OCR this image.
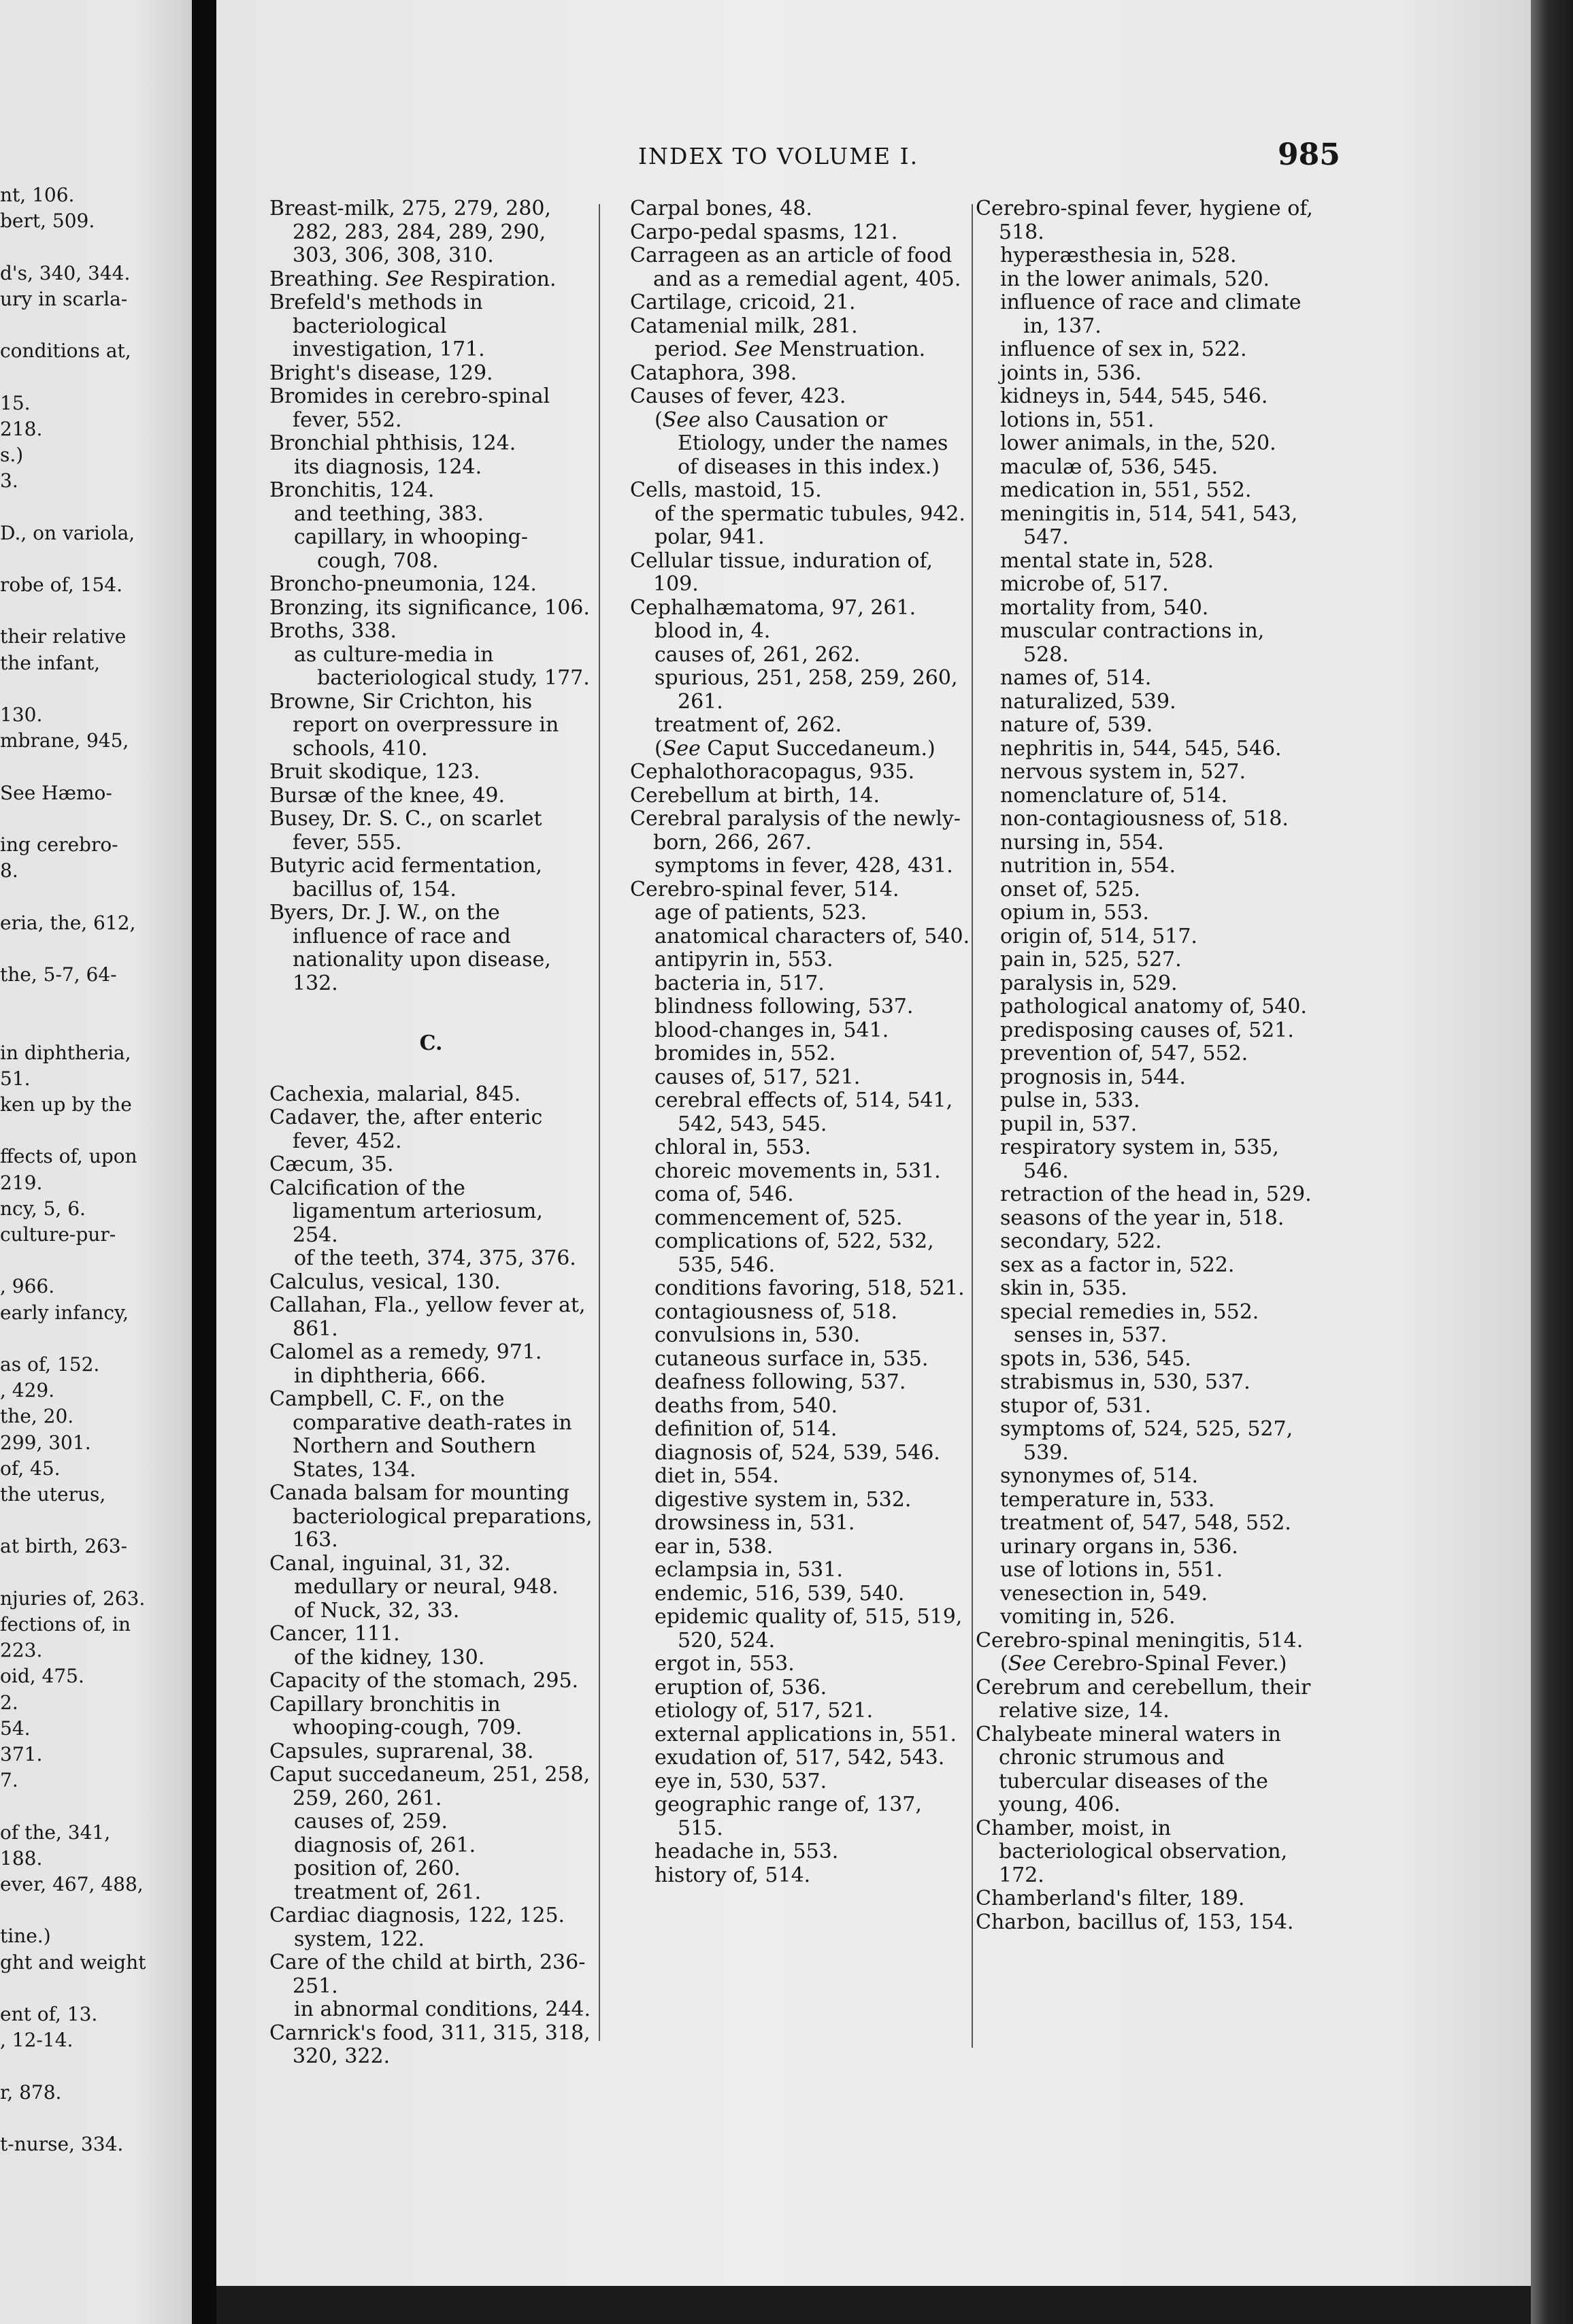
nt, 106.
bert, 509.
d's, 340, 344.
ury in scarla-
conditions at,
15.
218.
s.)
3.
D., on variola,
robe of, 154.
their relative
the infant,
130.
mbrane, 945,
See Hæmo-
ing cerebro-
8.
eria, the, 612,
the, 5-7, 64-
in diphtheria,
51.
ken up by the
ffects of, upon
219.
ncy, 5, 6.
culture-pur-
, 966.
early infancy,
as of, 152.
, 429.
the, 20.
299, 301.
of, 45.
the uterus,
at birth, 263-
njuries of, 263.
fections of, in
223.
oid, 475.
2.
54.
371.
7.
of the, 341,
188.
ever, 467, 488,
tine.)
ght and weight
ent of, 13.
, 12-14.
r, 878.
t-nurse, 334.
INDEX TO VOLUME I.	985

Breast-milk, 275, 279, 280, 282, 283, 284, 289, 290, 303, 306, 308, 310.

Breathing. See Respiration.

Brefeld's methods in bacteriological investigation, 171.

Bright's disease, 129.

Bromides in cerebro-spinal fever, 552.

Bronchial phthisis, 124.

its diagnosis, 124.

Bronchitis, 124.

and teething, 383.

capillary, in whooping-cough, 708.

Broncho-pneumonia, 124.

Bronzing, its significance, 106.

Broths, 338.

as culture-media in bacteriological study, 177.

Browne, Sir Crichton, his report on overpressure in schools, 410.

Bruit skodique, 123.

Bursæ of the knee, 49.

Busey, Dr. S. C., on scarlet fever, 555.

Butyric acid fermentation, bacillus of, 154.

Byers, Dr. J. W., on the influence of race and nationality upon disease, 132.

C.

Cachexia, malarial, 845.

Cadaver, the, after enteric fever, 452.

Cæcum, 35.

Calcification of the ligamentum arteriosum, 254.

of the teeth, 374, 375, 376.

Calculus, vesical, 130.

Callahan, Fla., yellow fever at, 861.

Calomel as a remedy, 971.

in diphtheria, 666.

Campbell, C. F., on the comparative death-rates in Northern and Southern States, 134.

Canada balsam for mounting bacteriological preparations, 163.

Canal, inguinal, 31, 32.

medullary or neural, 948.

of Nuck, 32, 33.

Cancer, 111.

of the kidney, 130.

Capacity of the stomach, 295.

Capillary bronchitis in whooping-cough, 709.

Capsules, suprarenal, 38.

Caput succedaneum, 251, 258, 259, 260, 261.

causes of, 259.

diagnosis of, 261.

position of, 260.

treatment of, 261.

Cardiac diagnosis, 122, 125.

system, 122.

Care of the child at birth, 236-251.

in abnormal conditions, 244.

Carnrick's food, 311, 315, 318, 320, 322.

Carpal bones, 48.

Carpo-pedal spasms, 121.

Carrageen as an article of food and as a remedial agent, 405.

Cartilage, cricoid, 21.

Catamenial milk, 281.

period. See Menstruation.

Cataphora, 398.

Causes of fever, 423.

(See also Causation or Etiology, under the names of diseases in this index.)

Cells, mastoid, 15.

of the spermatic tubules, 942.

polar, 941.

Cellular tissue, induration of, 109.

Cephalhæmatoma, 97, 261.

blood in, 4.

causes of, 261, 262.

spurious, 251, 258, 259, 260, 261.

treatment of, 262.

(See Caput Succedaneum.)

Cephalothoracopagus, 935.

Cerebellum at birth, 14.

Cerebral paralysis of the newly-born, 266, 267.

symptoms in fever, 428, 431.

Cerebro-spinal fever, 514.

age of patients, 523.

anatomical characters of, 540.

antipyrin in, 553.

bacteria in, 517.

blindness following, 537.

blood-changes in, 541.

bromides in, 552.

causes of, 517, 521.

cerebral effects of, 514, 541, 542, 543, 545.

chloral in, 553.

choreic movements in, 531.

coma of, 546.

commencement of, 525.

complications of, 522, 532, 535, 546.

conditions favoring, 518, 521.

contagiousness of, 518.

convulsions in, 530.

cutaneous surface in, 535.

deafness following, 537.

deaths from, 540.

definition of, 514.

diagnosis of, 524, 539, 546.

diet in, 554.

digestive system in, 532.

drowsiness in, 531.

ear in, 538.

eclampsia in, 531.

endemic, 516, 539, 540.

epidemic quality of, 515, 519, 520, 524.

ergot in, 553.

eruption of, 536.

etiology of, 517, 521.

external applications in, 551.

exudation of, 517, 542, 543.

eye in, 530, 537.

geographic range of, 137, 515.

headache in, 553.

history of, 514.

Cerebro-spinal fever, hygiene of, 518.

hyperæsthesia in, 528.

in the lower animals, 520.

influence of race and climate in, 137.

influence of sex in, 522.

joints in, 536.

kidneys in, 544, 545, 546.

lotions in, 551.

lower animals, in the, 520.

maculæ of, 536, 545.

medication in, 551, 552.

meningitis in, 514, 541, 543, 547.

mental state in, 528.

microbe of, 517.

mortality from, 540.

muscular contractions in, 528.

names of, 514.

naturalized, 539.

nature of, 539.

nephritis in, 544, 545, 546.

nervous system in, 527.

nomenclature of, 514.

non-contagiousness of, 518.

nursing in, 554.

nutrition in, 554.

onset of, 525.

opium in, 553.

origin of, 514, 517.

pain in, 525, 527.

paralysis in, 529.

pathological anatomy of, 540.

predisposing causes of, 521.

prevention of, 547, 552.

prognosis in, 544.

pulse in, 533.

pupil in, 537.

respiratory system in, 535, 546.

retraction of the head in, 529.

seasons of the year in, 518.

secondary, 522.

sex as a factor in, 522.

skin in, 535.

special remedies in, 552.

senses in, 537.

spots in, 536, 545.

strabismus in, 530, 537.

stupor of, 531.

symptoms of, 524, 525, 527, 539.

synonymes of, 514.

temperature in, 533.

treatment of, 547, 548, 552.

urinary organs in, 536.

use of lotions in, 551.

venesection in, 549.

vomiting in, 526.

Cerebro-spinal meningitis, 514.

(See Cerebro-Spinal Fever.)

Cerebrum and cerebellum, their relative size, 14.

Chalybeate mineral waters in chronic strumous and tubercular diseases of the young, 406.

Chamber, moist, in bacteriological observation, 172.

Chamberland's filter, 189.

Charbon, bacillus of, 153, 154.
